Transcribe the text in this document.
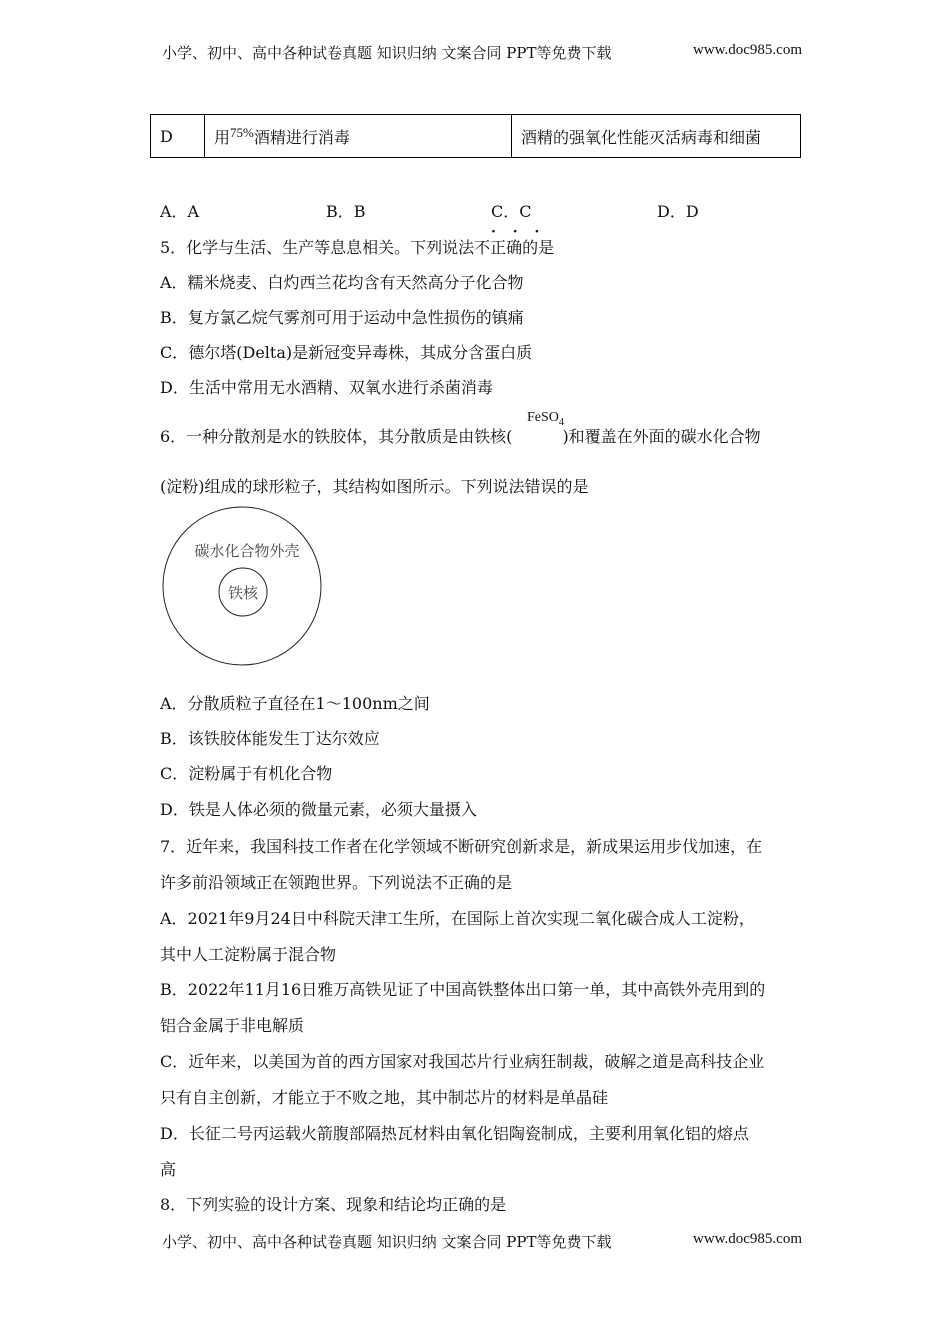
小学、初中、高中各种试卷真题 知识归纳 文案合同 PPT等免费下载	www.doc985.com
D	用$^{75\%}$酒精进行消毒	酒精的强氧化性能灭活病毒和细菌
A．A	B．B	C．C	D．D
· · ·
5．化学与生活、生产等息息相关。下列说法不正确的是
A．糯米烧麦、白灼西兰花均含有天然高分子化合物
B．复方氯乙烷气雾剂可用于运动中急性损伤的镇痛
C．德尔塔(Delta)是新冠变异毒株，其成分含蛋白质
D．生活中常用无水酒精、双氧水进行杀菌消毒
6．一种分散剂是水的铁胶体，其分散质是由铁核(	)和覆盖在外面的碳水化合物
FeSO$_4$
(淀粉)组成的球形粒子，其结构如图所示。下列说法错误的是
碳水化合物外壳
铁核
A．分散质粒子直径在1～100nm之间
B．该铁胶体能发生丁达尔效应
C．淀粉属于有机化合物
D．铁是人体必须的微量元素，必须大量摄入
7．近年来，我国科技工作者在化学领域不断研究创新求是，新成果运用步伐加速，在
许多前沿领域正在领跑世界。下列说法不正确的是
A．2021年9月24日中科院天津工生所，在国际上首次实现二氧化碳合成人工淀粉，
其中人工淀粉属于混合物
B．2022年11月16日雅万高铁见证了中国高铁整体出口第一单，其中高铁外壳用到的
铝合金属于非电解质
C．近年来，以美国为首的西方国家对我国芯片行业病狂制裁，破解之道是高科技企业
只有自主创新，才能立于不败之地，其中制芯片的材料是单晶硅
D．长征二号丙运载火箭腹部隔热瓦材料由氧化铝陶瓷制成，主要利用氧化铝的熔点
高
8．下列实验的设计方案、现象和结论均正确的是
小学、初中、高中各种试卷真题 知识归纳 文案合同 PPT等免费下载	www.doc985.com
